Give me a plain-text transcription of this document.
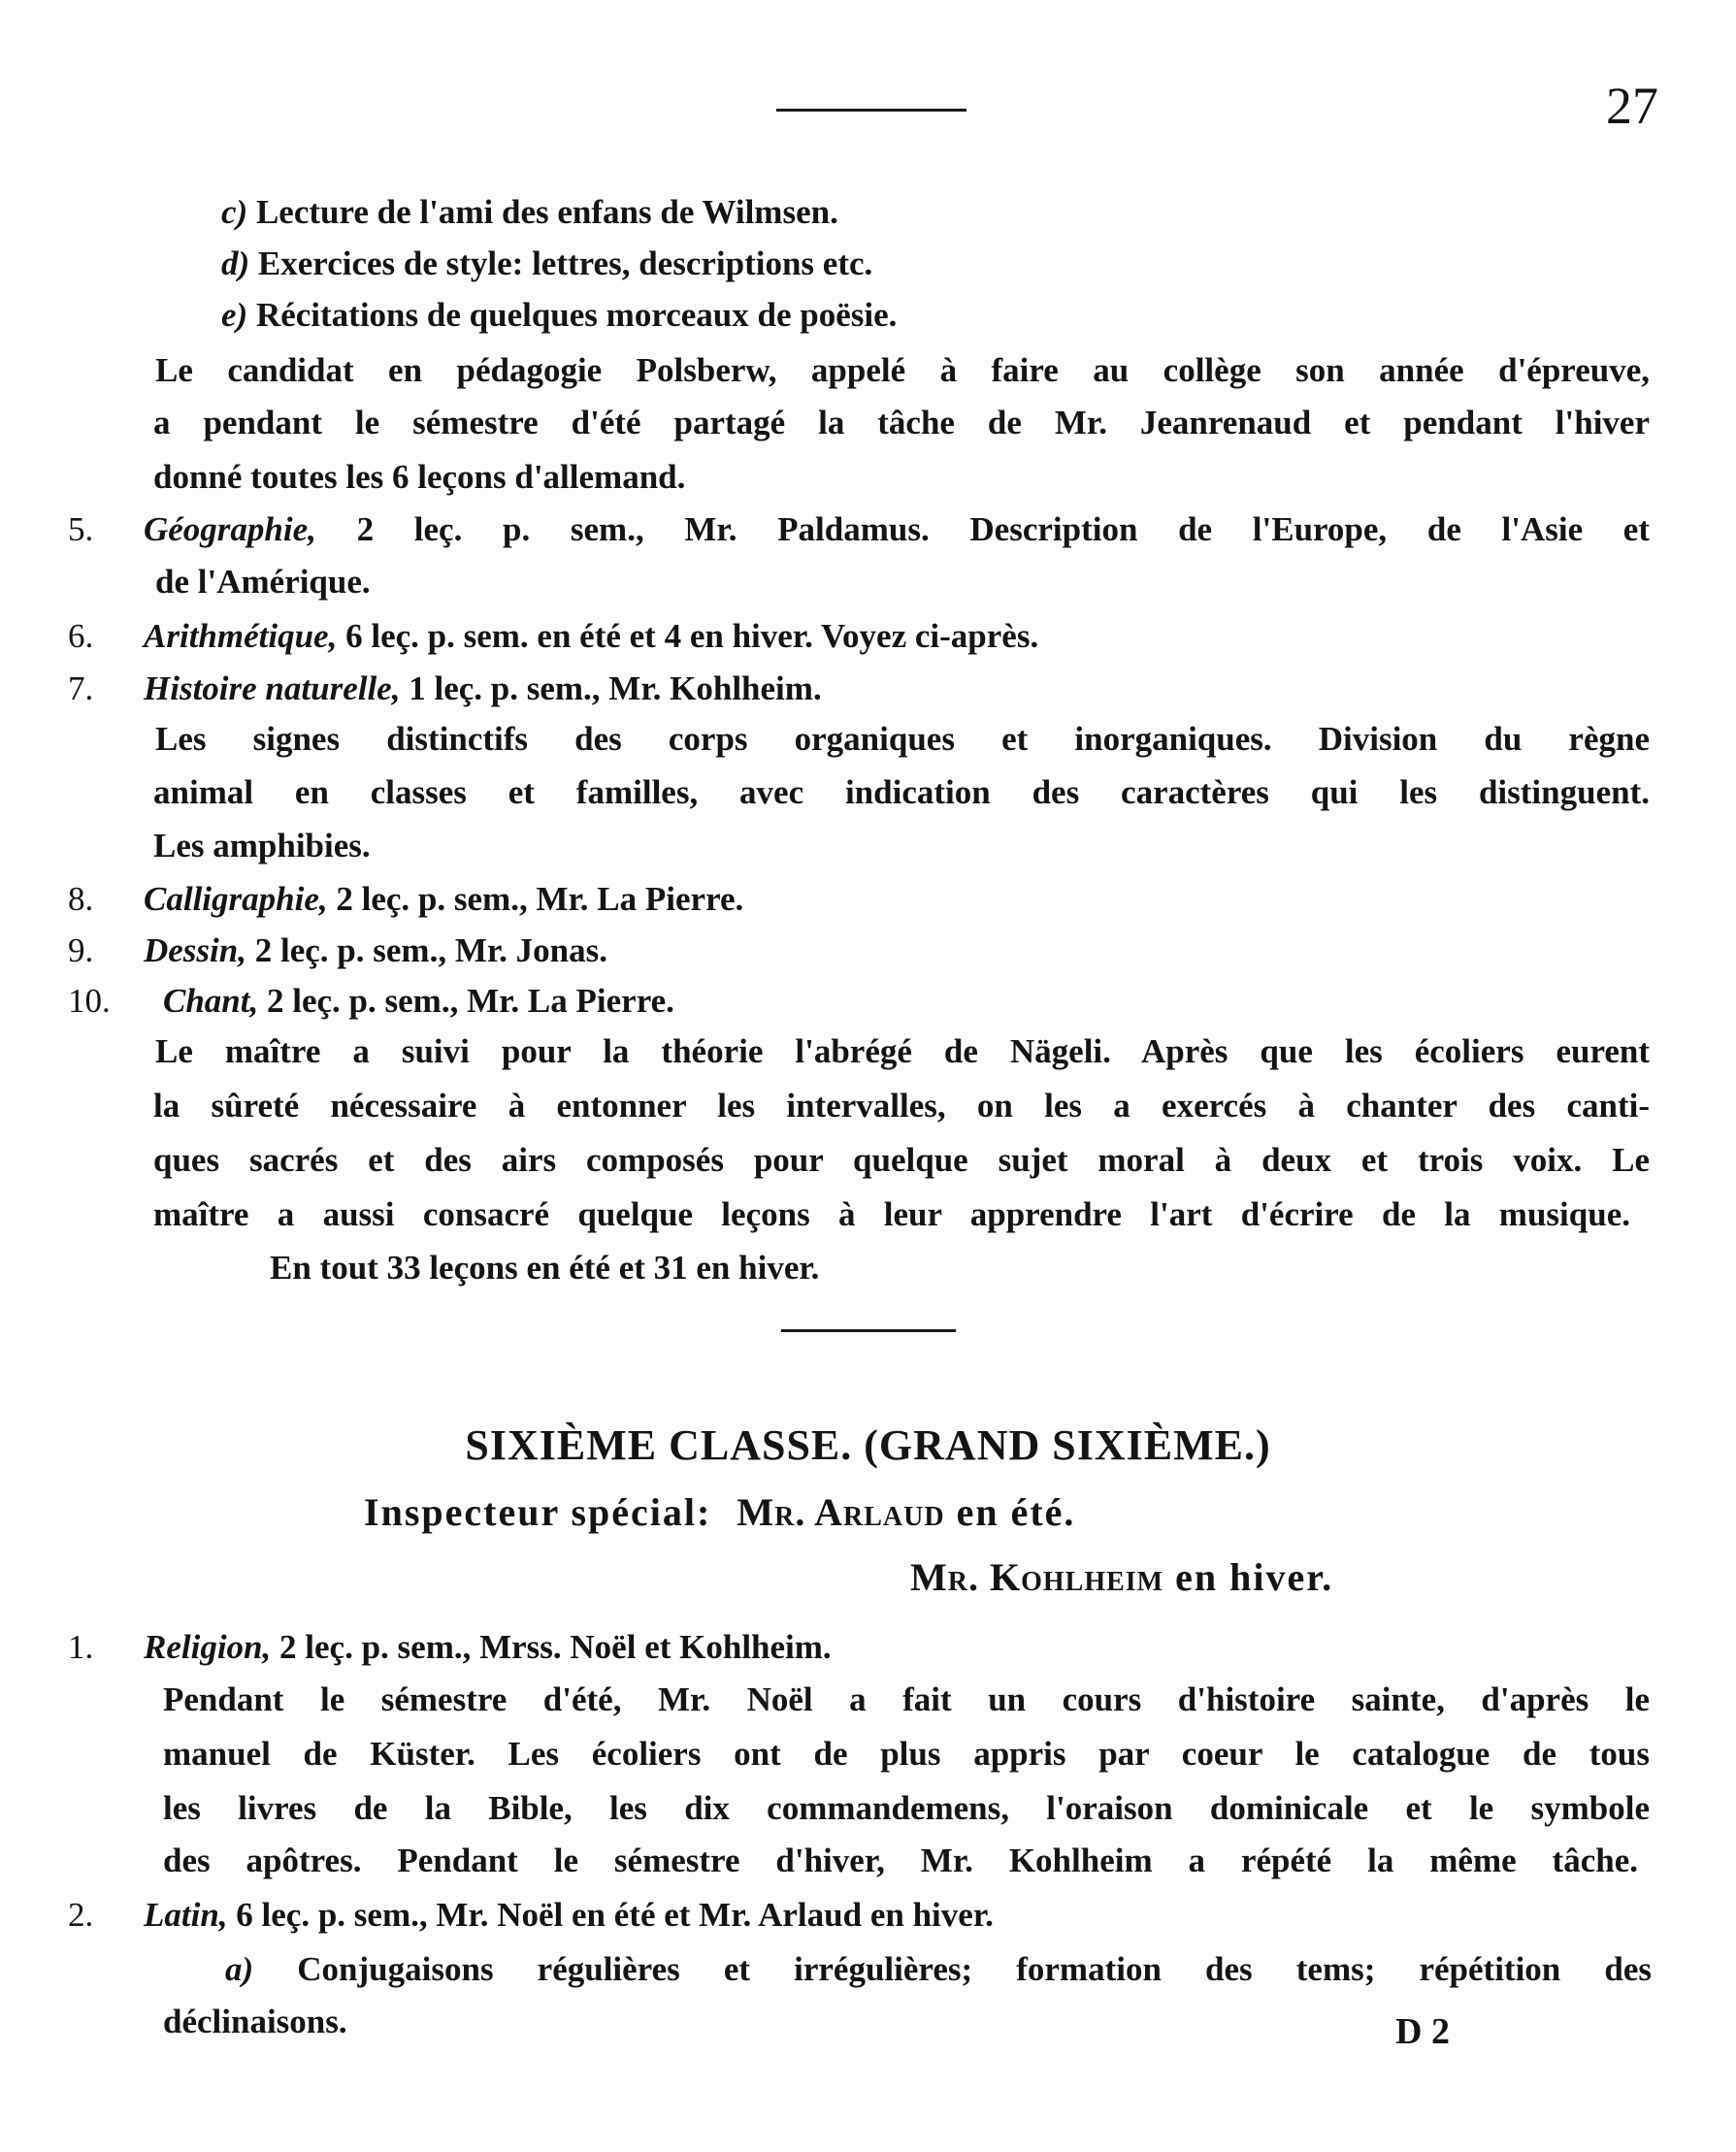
27
c) Lecture de l'ami des enfans de Wilmsen.
d) Exercices de style: lettres, descriptions etc.
e) Récitations de quelques morceaux de poësie.
Le candidat en pédagogie Polsberw, appelé à faire au collège son année d'épreuve,
a pendant le sémestre d'été partagé la tâche de Mr. Jeanrenaud et pendant l'hiver
donné toutes les 6 leçons d'allemand.
5. Géographie, 2 leç. p. sem., Mr. Paldamus. Description de l'Europe, de l'Asie et
de l'Amérique.
6. Arithmétique, 6 leç. p. sem. en été et 4 en hiver. Voyez ci-après.
7. Histoire naturelle, 1 leç. p. sem., Mr. Kohlheim.
Les signes distinctifs des corps organiques et inorganiques. Division du règne
animal en classes et familles, avec indication des caractères qui les distinguent.
Les amphibies.
8. Calligraphie, 2 leç. p. sem., Mr. La Pierre.
9. Dessin, 2 leç. p. sem., Mr. Jonas.
10. Chant, 2 leç. p. sem., Mr. La Pierre.
Le maître a suivi pour la théorie l'abrégé de Nägeli. Après que les écoliers eurent
la sûreté nécessaire à entonner les intervalles, on les a exercés à chanter des canti-
ques sacrés et des airs composés pour quelque sujet moral à deux et trois voix. Le
maître a aussi consacré quelque leçons à leur apprendre l'art d'écrire de la musique.
En tout 33 leçons en été et 31 en hiver.
SIXIÈME CLASSE. (GRAND SIXIÈME.)
Inspecteur spécial: Mr. Arlaud en été.
Mr. Kohlheim en hiver.
1. Religion, 2 leç. p. sem., Mrss. Noël et Kohlheim.
Pendant le sémestre d'été, Mr. Noël a fait un cours d'histoire sainte, d'après le
manuel de Küster. Les écoliers ont de plus appris par coeur le catalogue de tous
les livres de la Bible, les dix commandemens, l'oraison dominicale et le symbole
des apôtres. Pendant le sémestre d'hiver, Mr. Kohlheim a répété la même tâche.
2. Latin, 6 leç. p. sem., Mr. Noël en été et Mr. Arlaud en hiver.
a) Conjugaisons régulières et irrégulières; formation des tems; répétition des
déclinaisons.	D 2
